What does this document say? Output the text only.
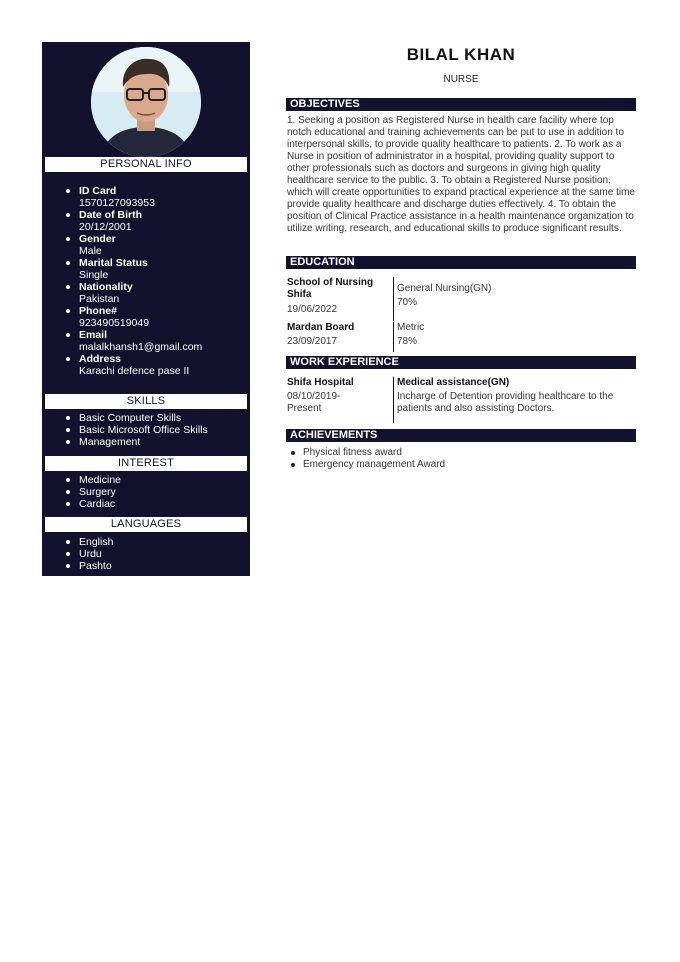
PERSONAL INFO
ID Card
1570127093953
Date of Birth
20/12/2001
Gender
Male
Marital Status
Single
Nationality
Pakistan
Phone#
923490519049
Email
malalkhansh1@gmail.com
Address
Karachi defence pase II
SKILLS
Basic Computer Skills
Basic Microsoft Office Skills
Management
INTEREST
Medicine
Surgery
Cardiac
LANGUAGES
English
Urdu
Pashto
BILAL KHAN
NURSE
OBJECTIVES
1. Seeking a position as Registered Nurse in health care facility where top notch educational and training achievements can be put to use in addition to interpersonal skills, to provide quality healthcare to patients. 2. To work as a Nurse in position of administrator in a hospital, providing quality support to other professionals such as doctors and surgeons in giving high quality healthcare service to the public. 3. To obtain a Registered Nurse position, which will create opportunities to expand practical experience at the same time provide quality healthcare and discharge duties effectively. 4. To obtain the position of Clinical Practice assistance in a health maintenance organization to utilize writing, research, and educational skills to produce significant results.
EDUCATION
School of Nursing Shifa
19/06/2022
General Nursing(GN)
70%
Mardan Board
23/09/2017
Metric
78%
WORK EXPERIENCE
Shifa Hospital
08/10/2019-
Present
Medical assistance(GN)
Incharge of Detention providing healthcare to the patients and also assisting Doctors.
ACHIEVEMENTS
Physical fitness award
Emergency management Award
